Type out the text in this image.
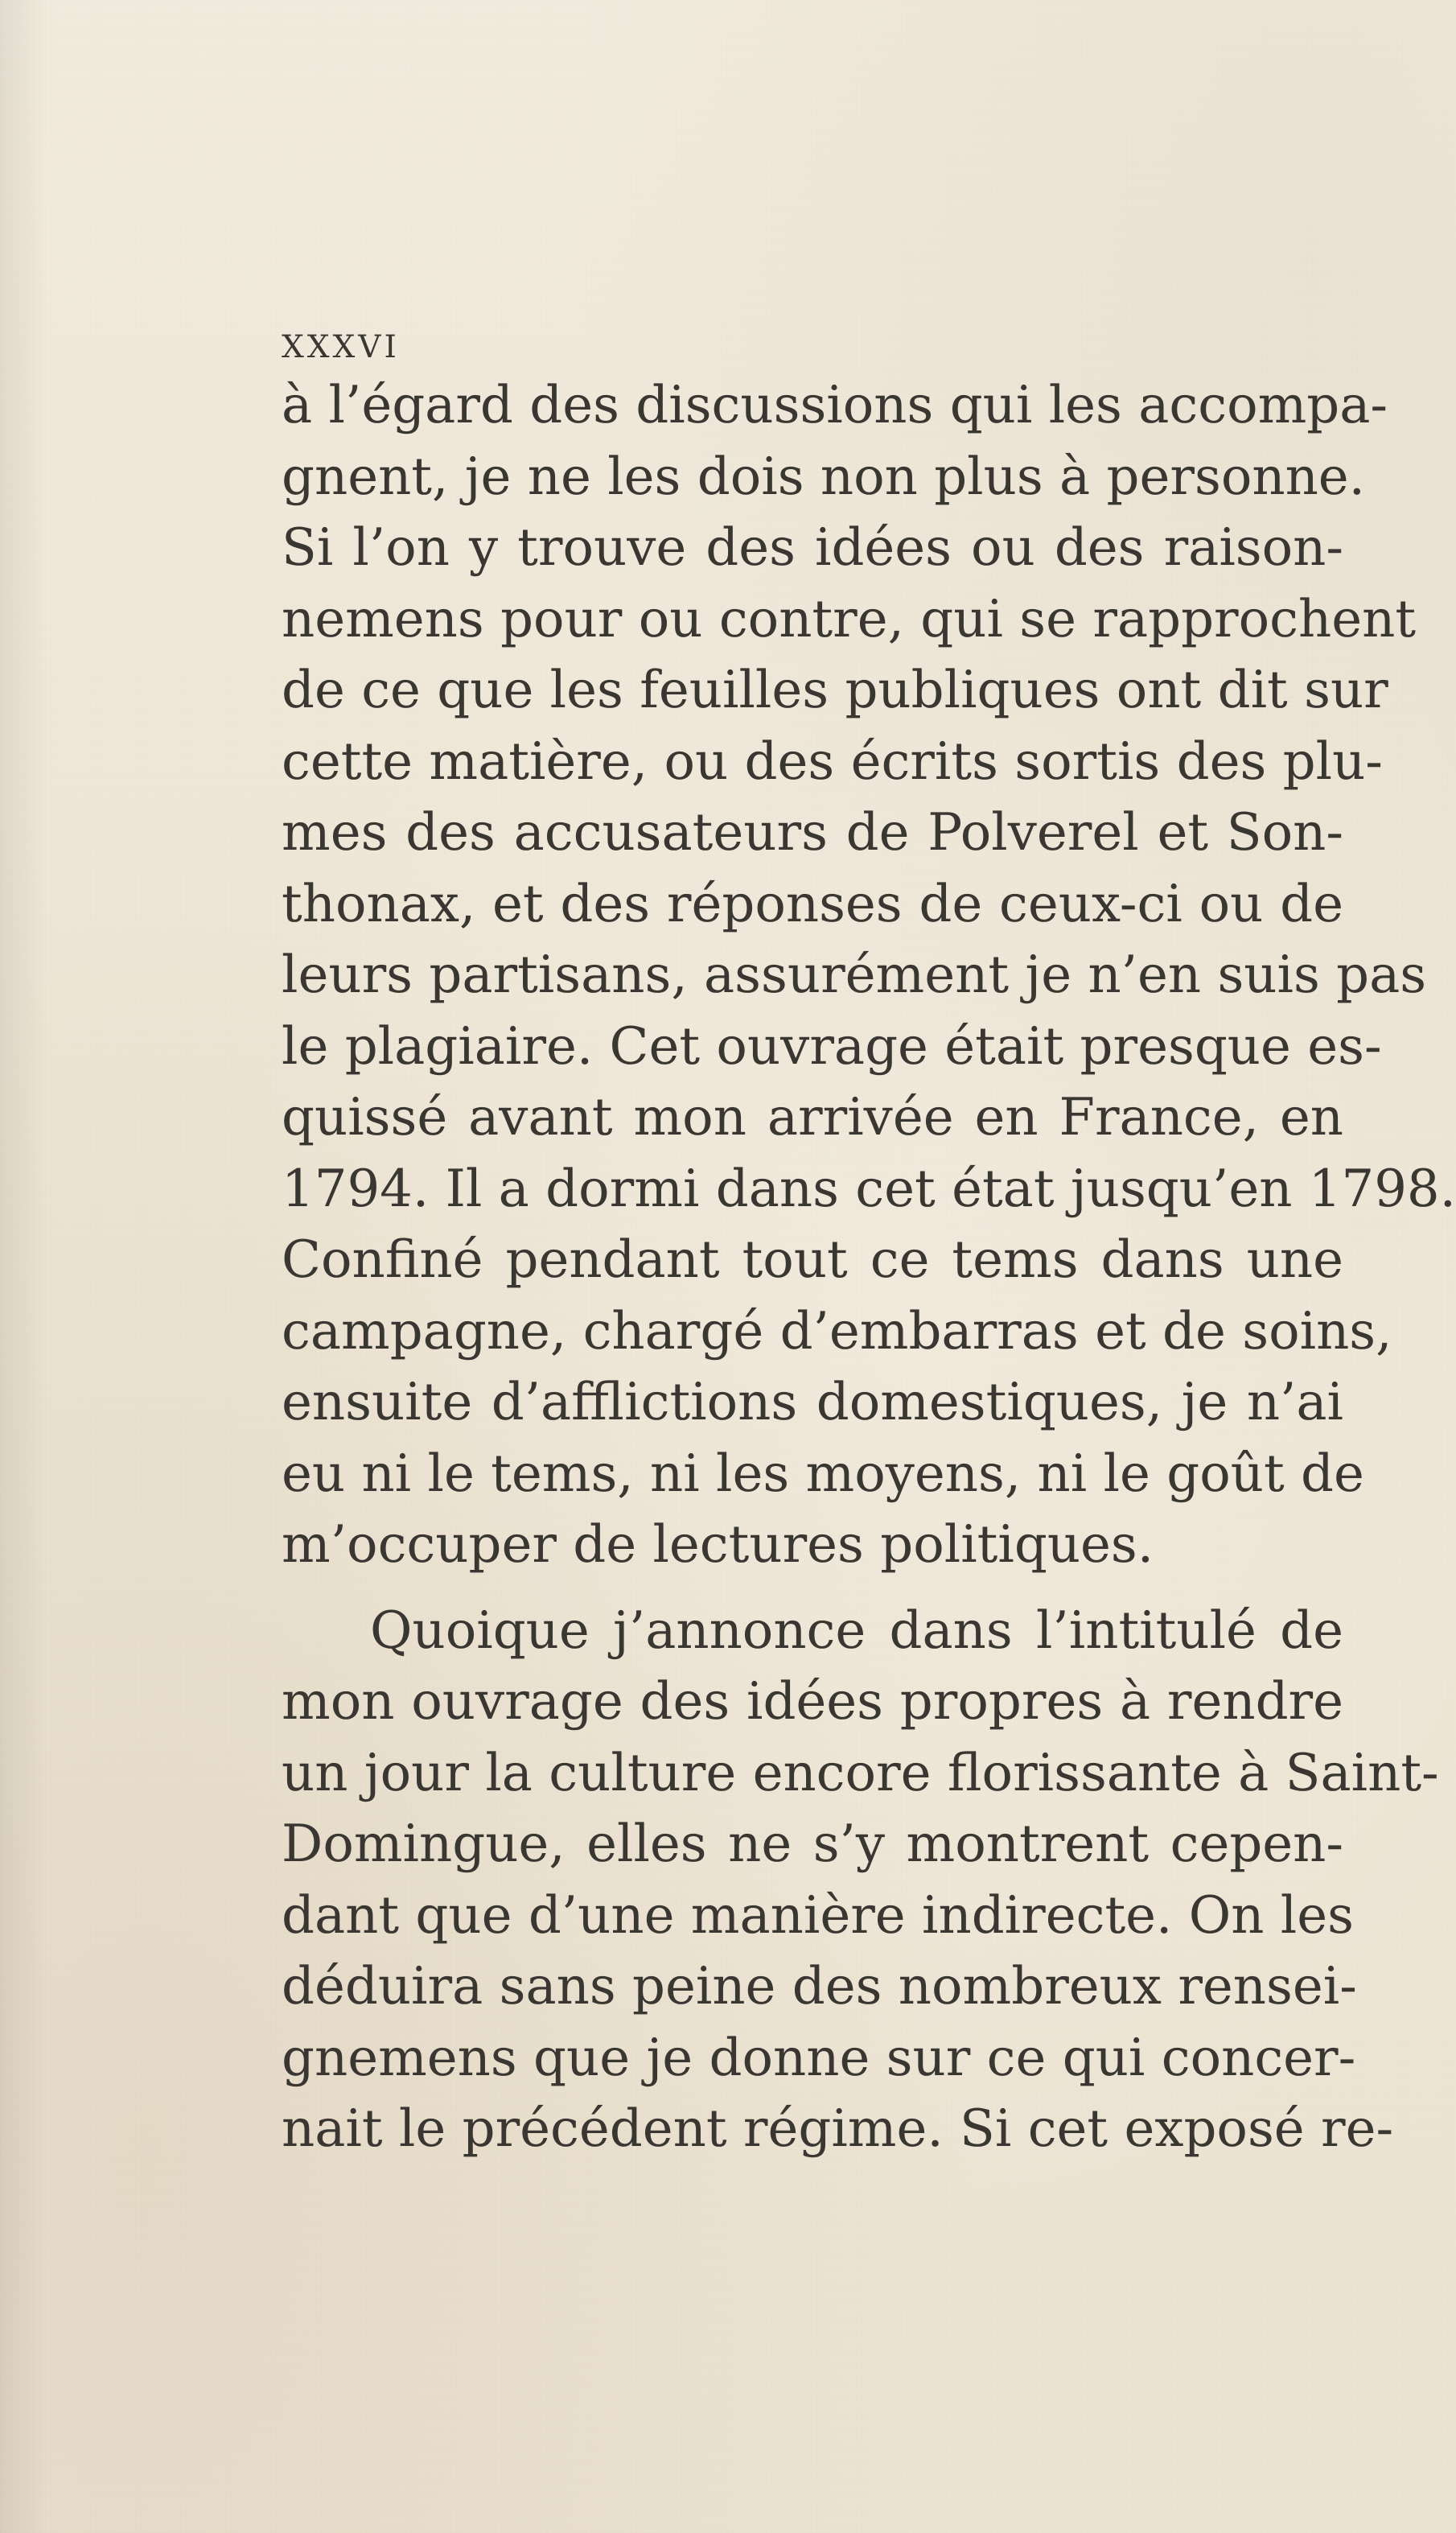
xxxvi
à l’égard des discussions qui les accompa-
gnent, je ne les dois non plus à personne.
Si l’on y trouve des idées ou des raison-
nemens pour ou contre, qui se rapprochent
de ce que les feuilles publiques ont dit sur
cette matière, ou des écrits sortis des plu-
mes des accusateurs de Polverel et Son-
thonax, et des réponses de ceux-ci ou de
leurs partisans, assurément je n’en suis pas
le plagiaire. Cet ouvrage était presque es-
quissé avant mon arrivée en France, en
1794. Il a dormi dans cet état jusqu’en 1798.
Confiné pendant tout ce tems dans une
campagne, chargé d’embarras et de soins,
ensuite d’afflictions domestiques, je n’ai
eu ni le tems, ni les moyens, ni le goût de
m’occuper de lectures politiques.
Quoique j’annonce dans l’intitulé de
mon ouvrage des idées propres à rendre
un jour la culture encore florissante à Saint-
Domingue, elles ne s’y montrent cepen-
dant que d’une manière indirecte. On les
déduira sans peine des nombreux rensei-
gnemens que je donne sur ce qui concer-
nait le précédent régime. Si cet exposé re-
